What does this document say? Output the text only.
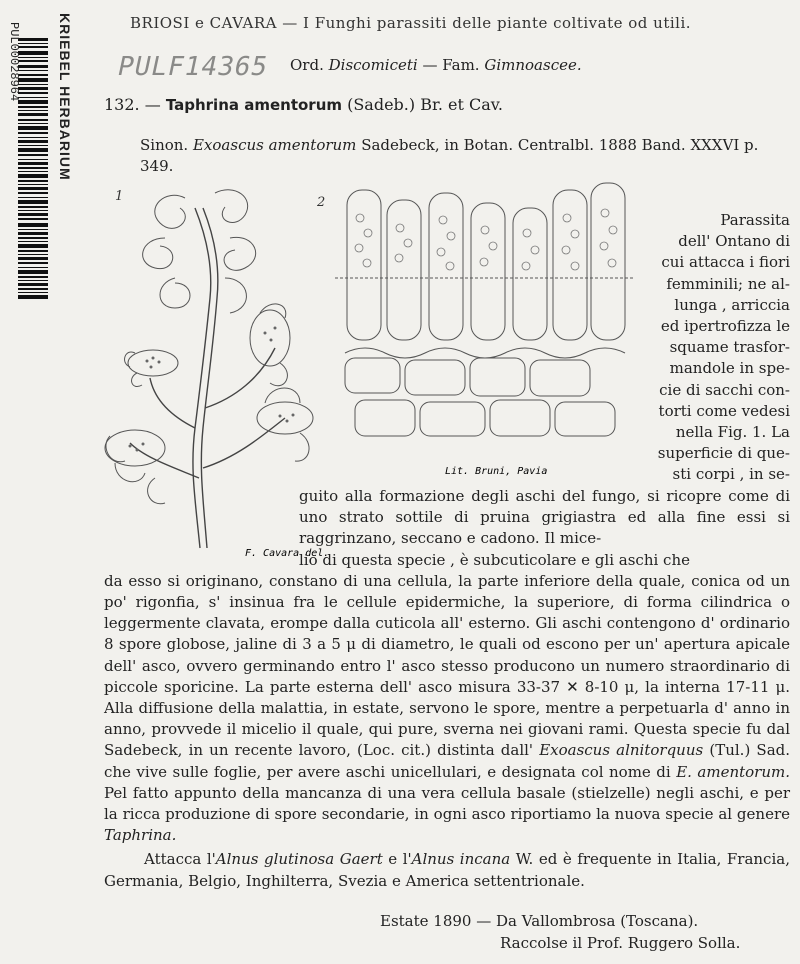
BRIOSI e CAVARA — I Funghi parassiti delle piante coltivate od utili.
PULF14365 Ord. Discomiceti — Fam. Gimnoascee.
132. — Taphrina amentorum (Sadeb.) Br. et Cav.
Sinon. Exoascus amentorum Sadebeck, in Botan. Centralbl. 1888 Band. XXXVI p. 349.
KRIEBEL HERBARIUM
PUL00028964
1
F. Cavara del.
2
Lit. Bruni, Pavia
Parassita
dell' Ontano di
cui attacca i fiori
femminili; ne al-
lunga , arriccia
ed ipertrofizza le
squame trasfor-
mandole in spe-
cie di sacchi con-
torti come vedesi
nella Fig. 1. La
superficie di que-
sti corpi , in se-

guito alla formazione degli aschi del fungo, si ricopre come di uno strato sottile di pruina grigiastra ed alla fine essi si raggrinzano, seccano e cadono. Il mice-
lio di questa specie , è subcuticolare e gli aschi che
da esso si originano, constano di una cellula, la parte inferiore della quale, conica od un po' rigonfia, s' insinua fra le cellule epidermiche, la superiore, di forma cilindrica o leggermente clavata, erompe dalla cuticola all' esterno. Gli aschi contengono d' ordinario 8 spore globose, jaline di 3 a 5 μ di diametro, le quali od escono per un' apertura apicale dell' asco, ovvero germinando entro l' asco stesso producono un numero straordinario di piccole sporicine. La parte esterna dell' asco misura 33-37 ✕ 8-10 μ, la interna 17-11 μ. Alla diffusione della malattia, in estate, servono le spore, mentre a perpetuarla d' anno in anno, provvede il micelio il quale, qui pure, sverna nei giovani rami. Questa specie fu dal Sadebeck, in un recente lavoro, (Loc. cit.) distinta dall' Exoascus alnitorquus (Tul.) Sad. che vive sulle foglie, per avere aschi unicellulari, e designata col nome di E. amentorum. Pel fatto appunto della mancanza di una vera cellula basale (stielzelle) negli aschi, e per la ricca produzione di spore secondarie, in ogni asco riportiamo la nuova specie al genere Taphrina.

Attacca l'Alnus glutinosa Gaert e l'Alnus incana W. ed è frequente in Italia, Francia, Germania, Belgio, Inghilterra, Svezia e America settentrionale.

Estate 1890 — Da Vallombrosa (Toscana).
Raccolse il Prof. Ruggero Solla.
